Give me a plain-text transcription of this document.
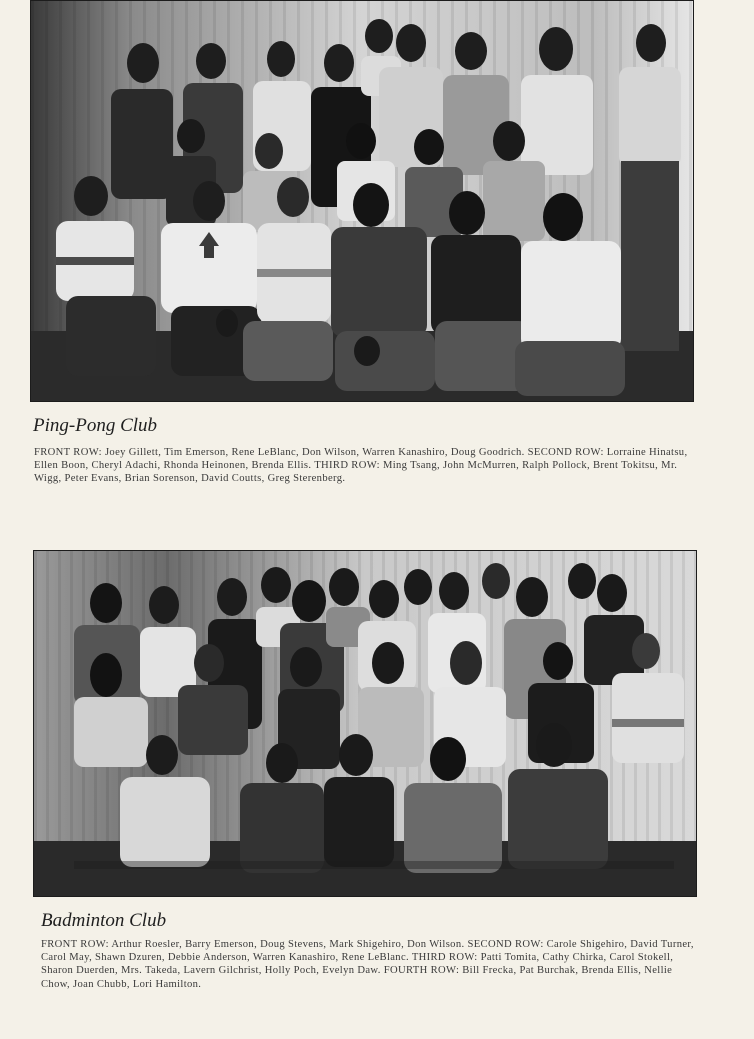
Ping-Pong Club

FRONT ROW: Joey Gillett, Tim Emerson, Rene LeBlanc, Don Wilson, Warren Kanashiro, Doug Goodrich. SECOND ROW: Lorraine Hinatsu, Ellen Boon, Cheryl Adachi, Rhonda Heinonen, Brenda Ellis. THIRD ROW: Ming Tsang, John McMurren, Ralph Pollock, Brent Tokitsu, Mr. Wigg, Peter Evans, Brian Sorenson, David Coutts, Greg Sterenberg.

Badminton Club

FRONT ROW: Arthur Roesler, Barry Emerson, Doug Stevens, Mark Shigehiro, Don Wilson. SECOND ROW: Carole Shigehiro, David Turner, Carol May, Shawn Dzuren, Debbie Anderson, Warren Kanashiro, Rene LeBlanc. THIRD ROW: Patti Tomita, Cathy Chirka, Carol Stokell, Sharon Duerden, Mrs. Takeda, Lavern Gilchrist, Holly Poch, Evelyn Daw. FOURTH ROW: Bill Frecka, Pat Burchak, Brenda Ellis, Nellie Chow, Joan Chubb, Lori Hamilton.
